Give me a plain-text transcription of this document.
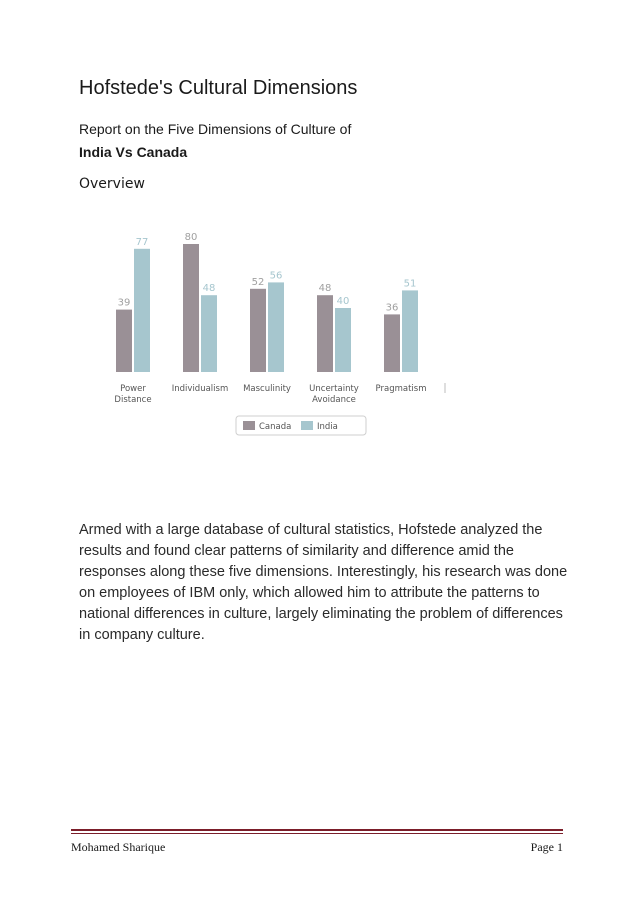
Hofstede's Cultural Dimensions
Report on the Five Dimensions of Culture of
India Vs Canada
Overview
39
77
Power
Distance
80
48
Individualism
52
56
Masculinity
48
40
Uncertainty
Avoidance
36
51
Pragmatism
Canada	India

Armed with a large database of cultural statistics, Hofstede analyzed the results and found clear patterns of similarity and difference amid the responses along these five dimensions. Interestingly, his research was done on employees of IBM only, which allowed him to attribute the patterns to national differences in culture, largely eliminating the problem of differences in company culture.

Mohamed Sharique	Page 1
